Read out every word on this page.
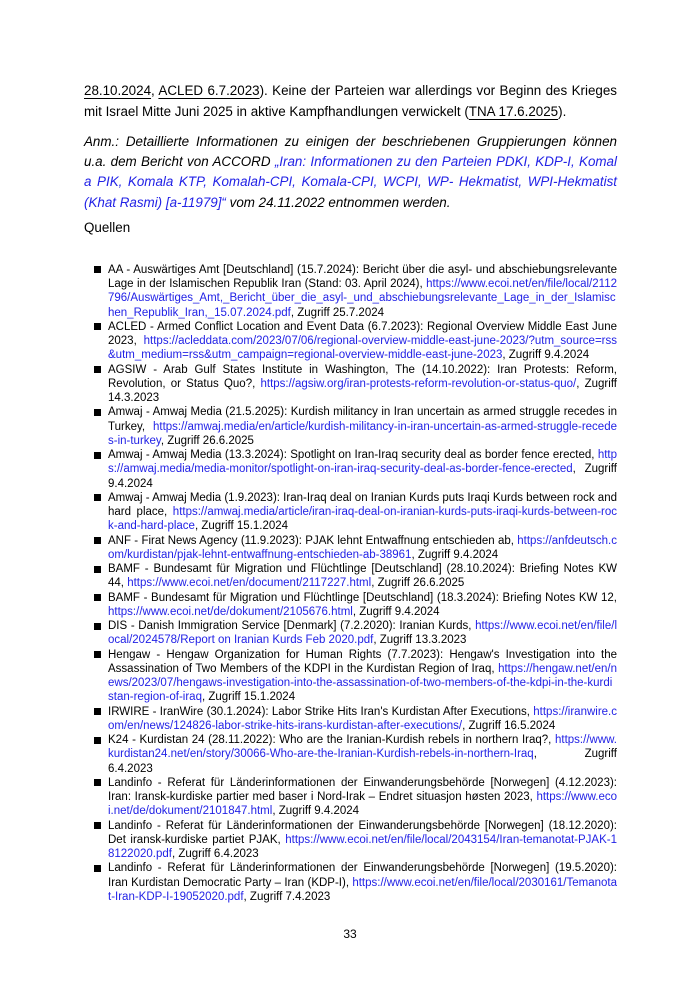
28.10.2024, ACLED 6.7.2023). Keine der Parteien war allerdings vor Beginn des Krieges mit Israel Mitte Juni 2025 in aktive Kampfhandlungen verwickelt (TNA 17.6.2025).

Anm.: Detaillierte Informationen zu einigen der beschriebenen Gruppierungen können u.a. dem Bericht von ACCORD „Iran: Informationen zu den Parteien PDKI, KDP-I, Komala PIK, Komala KTP, Komalah-CPI, Komala-CPI, WCPI, WP- Hekmatist, WPI-Hekmatist (Khat Rasmi) [a-11979]“ vom 24.11.2022 entnommen werden.

Quellen
AA - Auswärtiges Amt [Deutschland] (15.7.2024): Bericht über die asyl- und abschiebungsrelevante Lage in der Islamischen Republik Iran (Stand: 03. April 2024), https://www.ecoi.net/en/file/local/2112796/Auswärtiges_Amt,_Bericht_über_die_asyl-_und_abschiebungsrelevante_Lage_in_der_Islamischen_Republik_Iran,_15.07.2024.pdf, Zugriff 25.7.2024
ACLED - Armed Conflict Location and Event Data (6.7.2023): Regional Overview Middle East June 2023, https://acleddata.com/2023/07/06/regional-overview-middle-east-june-2023/?utm_source=rss&utm_medium=rss&utm_campaign=regional-overview-middle-east-june-2023, Zugriff 9.4.2024
AGSIW - Arab Gulf States Institute in Washington, The (14.10.2022): Iran Protests: Reform, Revolution, or Status Quo?, https://agsiw.org/iran-protests-reform-revolution-or-status-quo/, Zugriff 14.3.2023
Amwaj - Amwaj Media (21.5.2025): Kurdish militancy in Iran uncertain as armed struggle recedes in Turkey, https://amwaj.media/en/article/kurdish-militancy-in-iran-uncertain-as-armed-struggle-recedes-in-turkey, Zugriff 26.6.2025
Amwaj - Amwaj Media (13.3.2024): Spotlight on Iran-Iraq security deal as border fence erected, https://amwaj.media/media-monitor/spotlight-on-iran-iraq-security-deal-as-border-fence-erected, Zugriff 9.4.2024
Amwaj - Amwaj Media (1.9.2023): Iran-Iraq deal on Iranian Kurds puts Iraqi Kurds between rock and hard place, https://amwaj.media/article/iran-iraq-deal-on-iranian-kurds-puts-iraqi-kurds-between-rock-and-hard-place, Zugriff 15.1.2024
ANF - Firat News Agency (11.9.2023): PJAK lehnt Entwaffnung entschieden ab, https://anfdeutsch.com/kurdistan/pjak-lehnt-entwaffnung-entschieden-ab-38961, Zugriff 9.4.2024
BAMF - Bundesamt für Migration und Flüchtlinge [Deutschland] (28.10.2024): Briefing Notes KW 44, https://www.ecoi.net/en/document/2117227.html, Zugriff 26.6.2025
BAMF - Bundesamt für Migration und Flüchtlinge [Deutschland] (18.3.2024): Briefing Notes KW 12, https://www.ecoi.net/de/dokument/2105676.html, Zugriff 9.4.2024
DIS - Danish Immigration Service [Denmark] (7.2.2020): Iranian Kurds, https://www.ecoi.net/en/file/local/2024578/Report on Iranian Kurds Feb 2020.pdf, Zugriff 13.3.2023
Hengaw - Hengaw Organization for Human Rights (7.7.2023): Hengaw's Investigation into the Assassination of Two Members of the KDPI in the Kurdistan Region of Iraq, https://hengaw.net/en/news/2023/07/hengaws-investigation-into-the-assassination-of-two-members-of-the-kdpi-in-the-kurdistan-region-of-iraq, Zugriff 15.1.2024
IRWIRE - IranWire (30.1.2024): Labor Strike Hits Iran's Kurdistan After Executions, https://iranwire.com/en/news/124826-labor-strike-hits-irans-kurdistan-after-executions/, Zugriff 16.5.2024
K24 - Kurdistan 24 (28.11.2022): Who are the Iranian-Kurdish rebels in northern Iraq?, https://www.kurdistan24.net/en/story/30066-Who-are-the-Iranian-Kurdish-rebels-in-northern-Iraq, Zugriff 6.4.2023
Landinfo - Referat für Länderinformationen der Einwanderungsbehörde [Norwegen] (4.12.2023): Iran: Iransk-kurdiske partier med baser i Nord-Irak – Endret situasjon høsten 2023, https://www.ecoi.net/de/dokument/2101847.html, Zugriff 9.4.2024
Landinfo - Referat für Länderinformationen der Einwanderungsbehörde [Norwegen] (18.12.2020): Det iransk-kurdiske partiet PJAK, https://www.ecoi.net/en/file/local/2043154/Iran-temanotat-PJAK-18122020.pdf, Zugriff 6.4.2023
Landinfo - Referat für Länderinformationen der Einwanderungsbehörde [Norwegen] (19.5.2020): Iran Kurdistan Democratic Party – Iran (KDP-I), https://www.ecoi.net/en/file/local/2030161/Temanotat-Iran-KDP-I-19052020.pdf, Zugriff 7.4.2023
33
